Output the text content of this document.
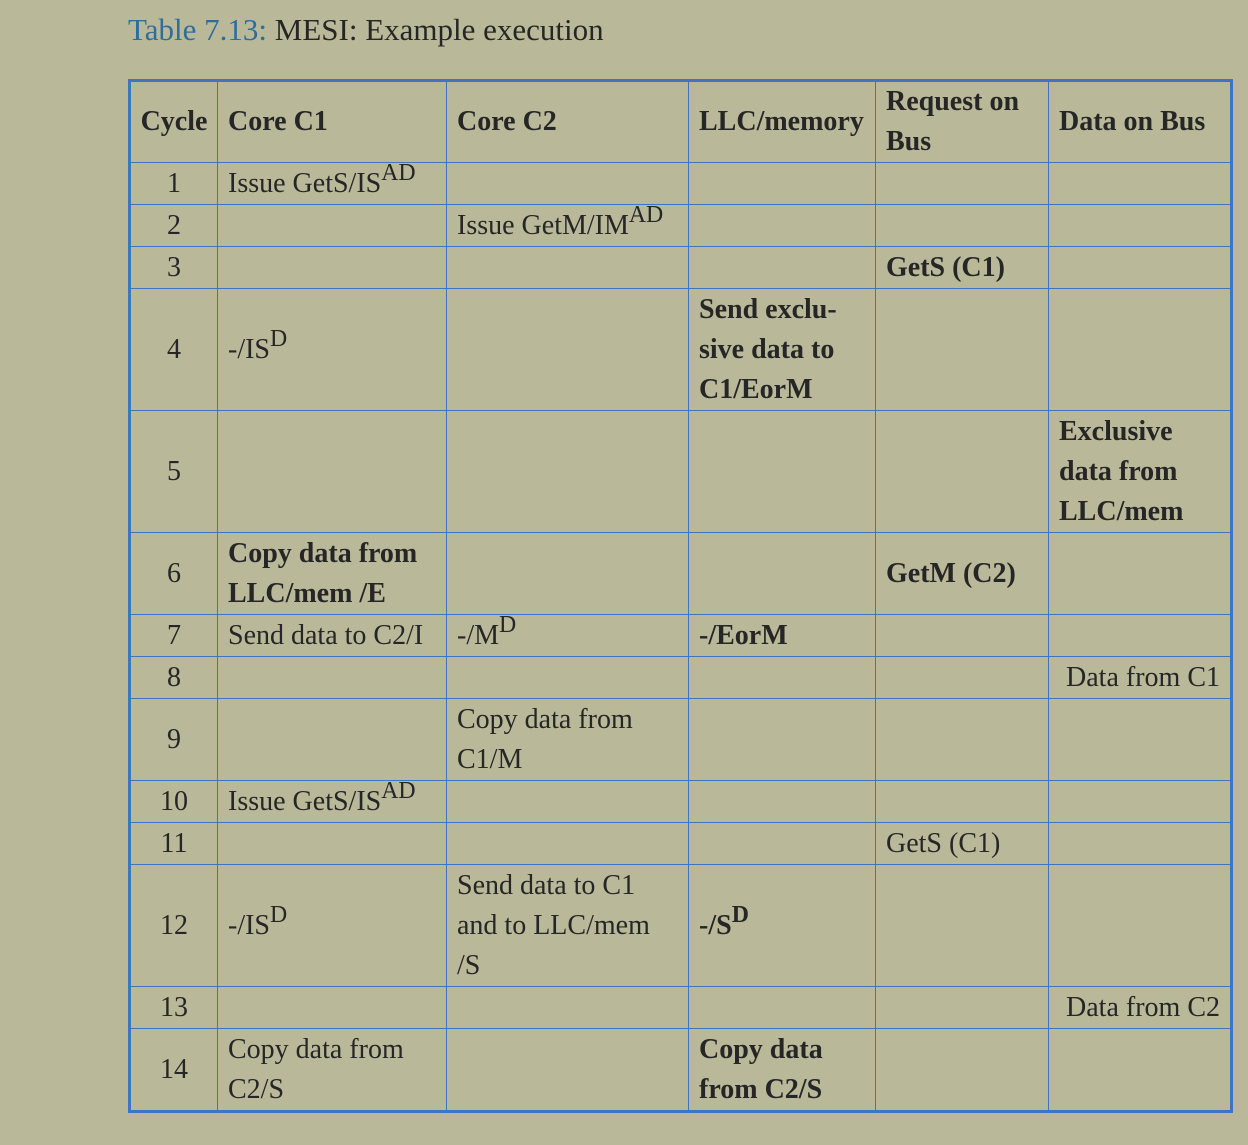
Table 7.13: MESI: Example execution
Cycle	Core C1	Core C2	LLC/memory	Request on Bus	Data on Bus
1	Issue GetS/$IS^{AD}$				
2		Issue GetM/$IM^{AD}$			
3				GetS (C1)	
4	$-/IS^D$		Send exclu-sive data to C1/EorM		
5					Exclusive data from LLC/mem
6	Copy data from LLC/mem /E			GetM (C2)	
7	Send data to C2/I	$-/M^D$	-/EorM		
8					Data from C1
9		Copy data from C1/M			
10	Issue GetS/$IS^{AD}$				
11				GetS (C1)	
12	$-/IS^D$	Send data to C1 and to LLC/mem /S	$-/S^D$		
13					Data from C2
14	Copy data from C2/S		Copy data from C2/S		
